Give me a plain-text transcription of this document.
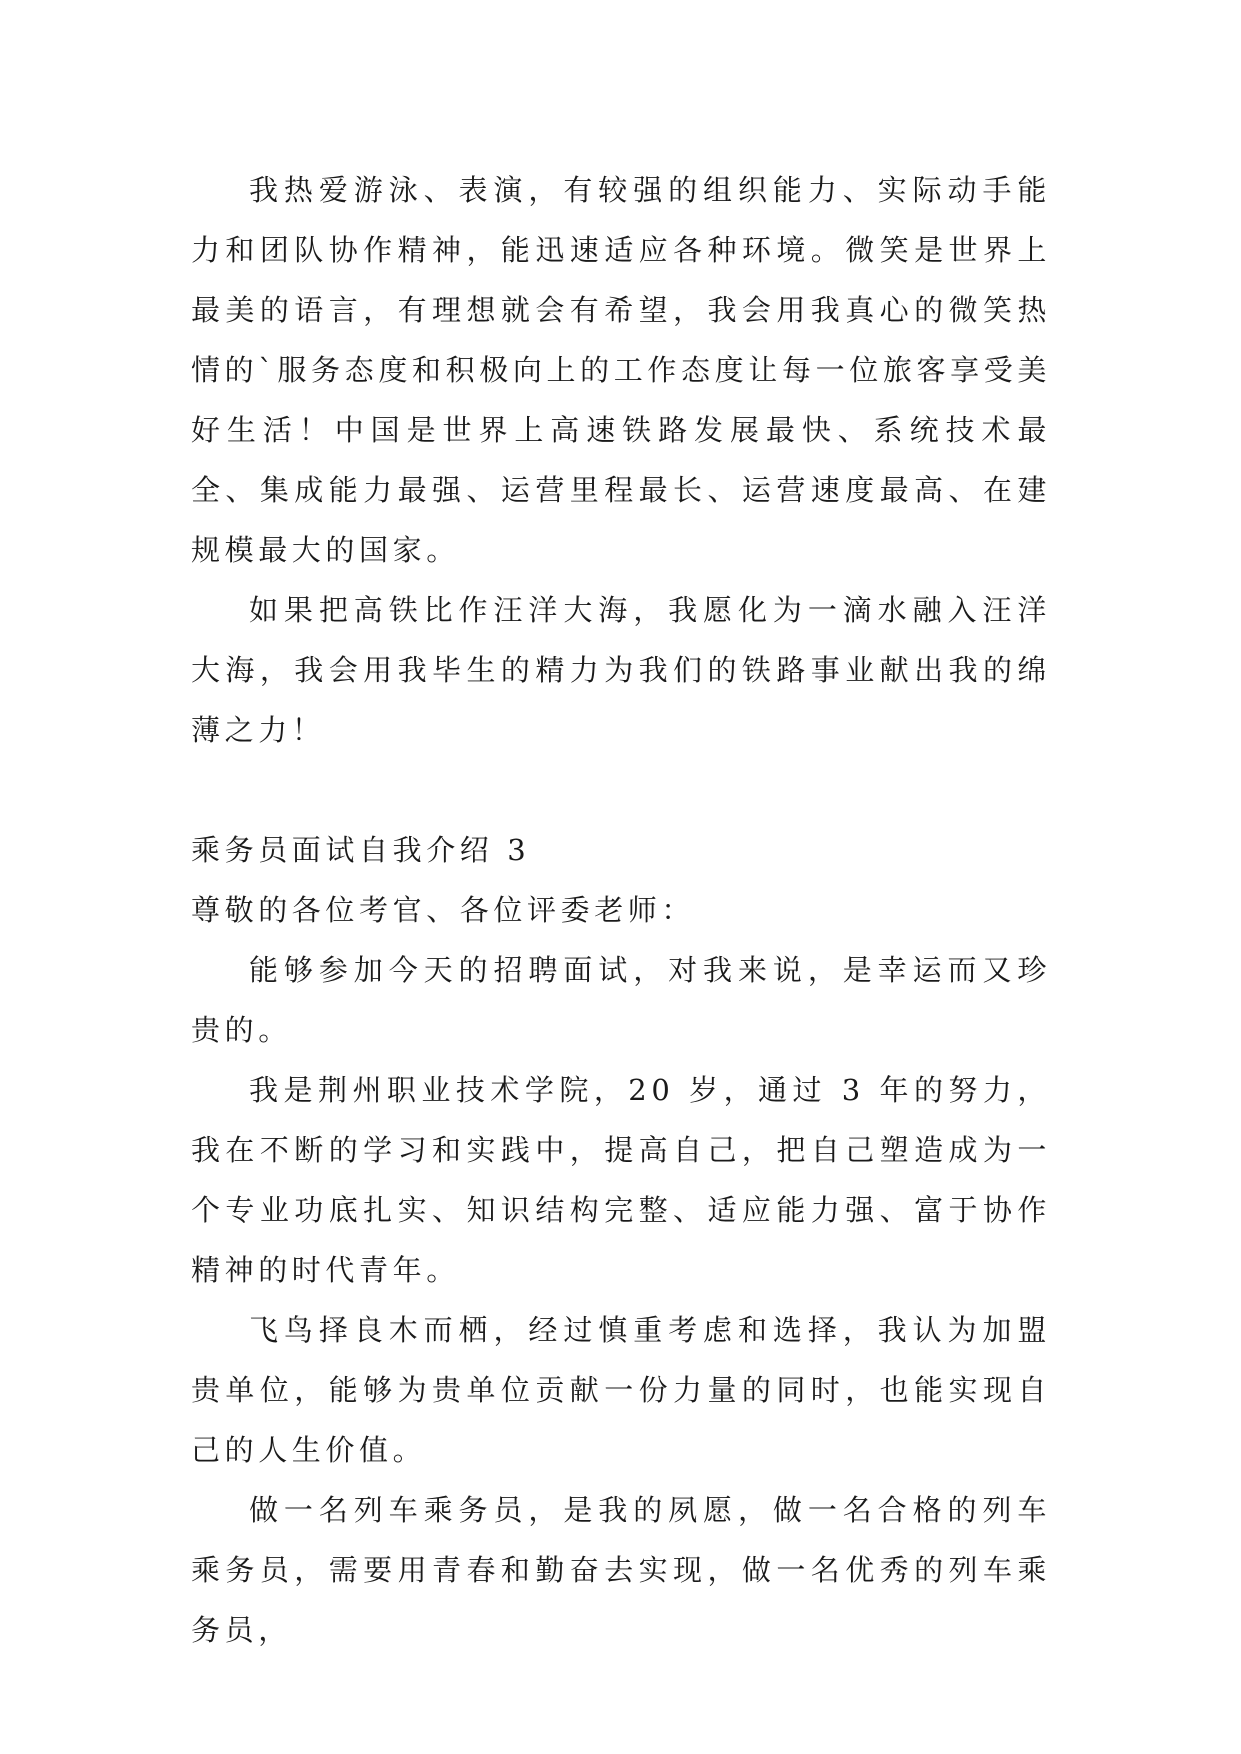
我热爱游泳、表演，有较强的组织能力、实际动手能力和团队协作精神，能迅速适应各种环境。微笑是世界上最美的语言，有理想就会有希望，我会用我真心的微笑热情的`服务态度和积极向上的工作态度让每一位旅客享受美好生活！中国是世界上高速铁路发展最快、系统技术最全、集成能力最强、运营里程最长、运营速度最高、在建规模最大的国家。

如果把高铁比作汪洋大海，我愿化为一滴水融入汪洋大海，我会用我毕生的精力为我们的铁路事业献出我的绵薄之力！

乘务员面试自我介绍 3

尊敬的各位考官、各位评委老师：

能够参加今天的招聘面试，对我来说，是幸运而又珍贵的。

我是荆州职业技术学院，20 岁，通过 3 年的努力，我在不断的学习和实践中，提高自己，把自己塑造成为一个专业功底扎实、知识结构完整、适应能力强、富于协作精神的时代青年。

飞鸟择良木而栖，经过慎重考虑和选择，我认为加盟贵单位，能够为贵单位贡献一份力量的同时，也能实现自己的人生价值。

做一名列车乘务员，是我的夙愿，做一名合格的列车乘务员，需要用青春和勤奋去实现，做一名优秀的列车乘务员，
